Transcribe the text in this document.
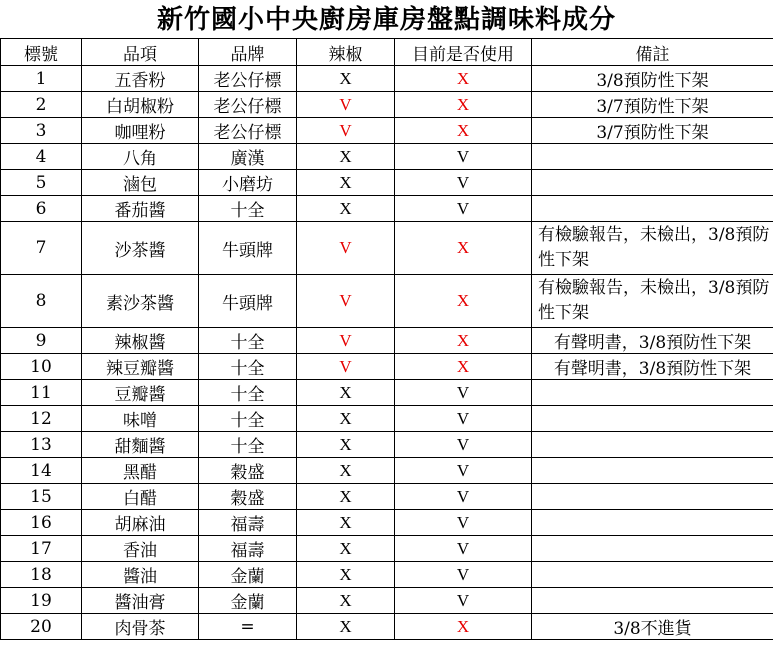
新竹國小中央廚房庫房盤點調味料成分
標號	品項	品牌	辣椒	目前是否使用	備註
1	五香粉	老公仔標	X	X	3/8預防性下架
2	白胡椒粉	老公仔標	V	X	3/7預防性下架
3	咖哩粉	老公仔標	V	X	3/7預防性下架
4	八角	廣漢	X	V	
5	滷包	小磨坊	X	V	
6	番茄醬	十全	X	V	
7	沙茶醬	牛頭牌	V	X	有檢驗報告，未檢出，3/8預防性下架
8	素沙茶醬	牛頭牌	V	X	有檢驗報告，未檢出，3/8預防性下架
9	辣椒醬	十全	V	X	有聲明書，3/8預防性下架
10	辣豆瓣醬	十全	V	X	有聲明書，3/8預防性下架
11	豆瓣醬	十全	X	V	
12	味噌	十全	X	V	
13	甜麵醬	十全	X	V	
14	黑醋	穀盛	X	V	
15	白醋	穀盛	X	V	
16	胡麻油	福壽	X	V	
17	香油	福壽	X	V	
18	醬油	金蘭	X	V	
19	醬油膏	金蘭	X	V	
20	肉骨茶	=	X	X	3/8不進貨
